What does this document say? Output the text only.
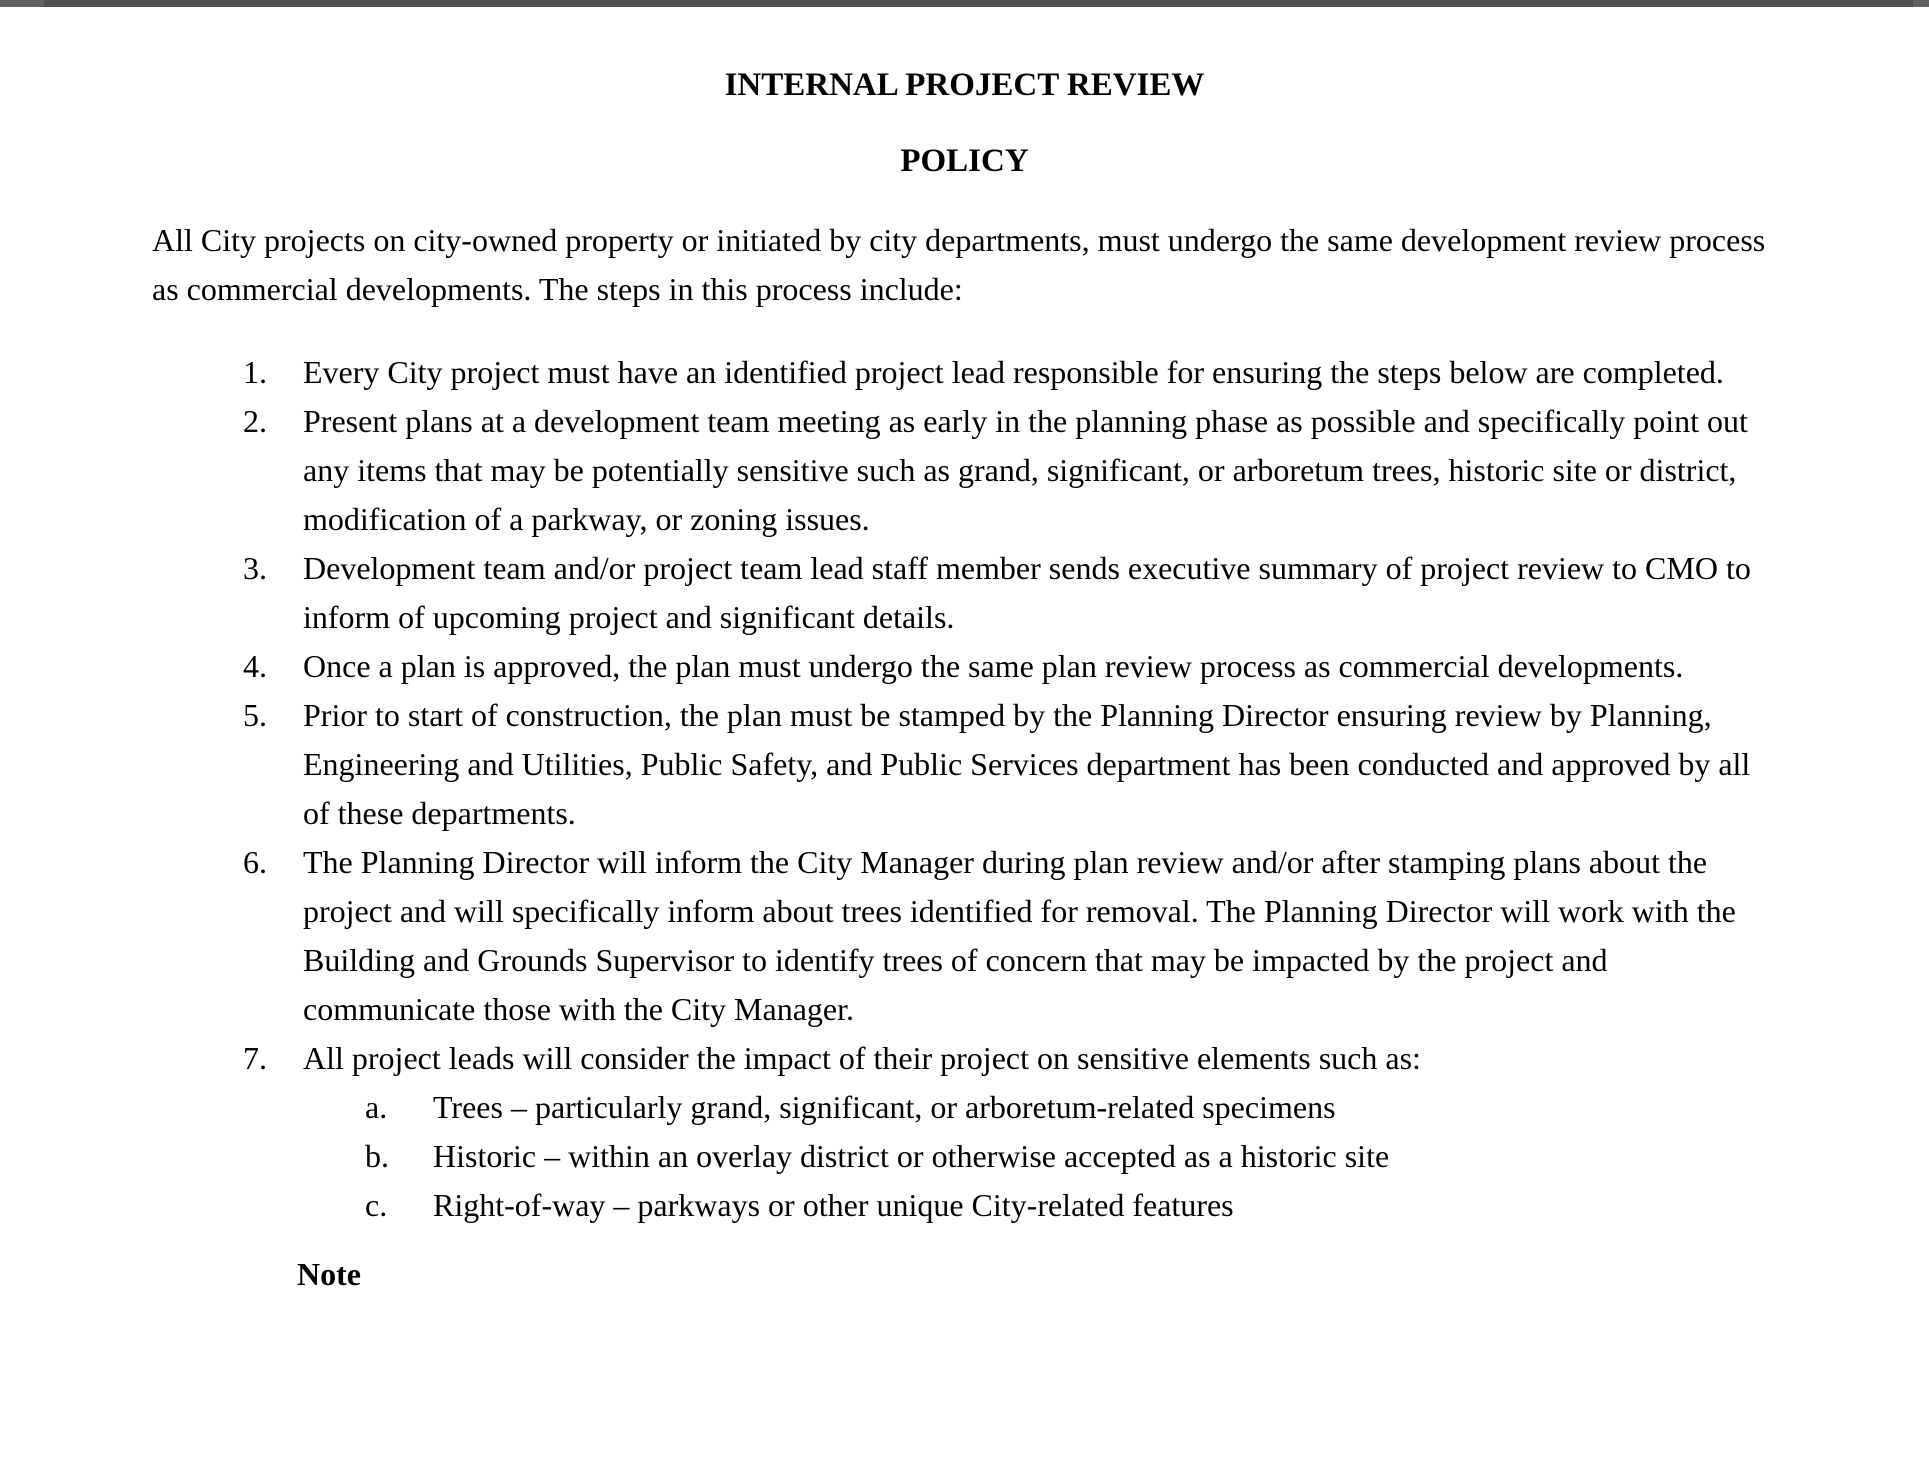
INTERNAL PROJECT REVIEW
POLICY

All City projects on city-owned property or initiated by city departments, must undergo the same development review process as commercial developments. The steps in this process include:

1.	Every City project must have an identified project lead responsible for ensuring the steps below are completed.
2.	Present plans at a development team meeting as early in the planning phase as possible and specifically point out any items that may be potentially sensitive such as grand, significant, or arboretum trees, historic site or district, modification of a parkway, or zoning issues.
3.	Development team and/or project team lead staff member sends executive summary of project review to CMO to inform of upcoming project and significant details.
4.	Once a plan is approved, the plan must undergo the same plan review process as commercial developments.
5.	Prior to start of construction, the plan must be stamped by the Planning Director ensuring review by Planning, Engineering and Utilities, Public Safety, and Public Services department has been conducted and approved by all of these departments.
6.	The Planning Director will inform the City Manager during plan review and/or after stamping plans about the project and will specifically inform about trees identified for removal. The Planning Director will work with the Building and Grounds Supervisor to identify trees of concern that may be impacted by the project and communicate those with the City Manager.
7.	All project leads will consider the impact of their project on sensitive elements such as:
a.	Trees – particularly grand, significant, or arboretum-related specimens
b.	Historic – within an overlay district or otherwise accepted as a historic site
c.	Right-of-way – parkways or other unique City-related features
Note
